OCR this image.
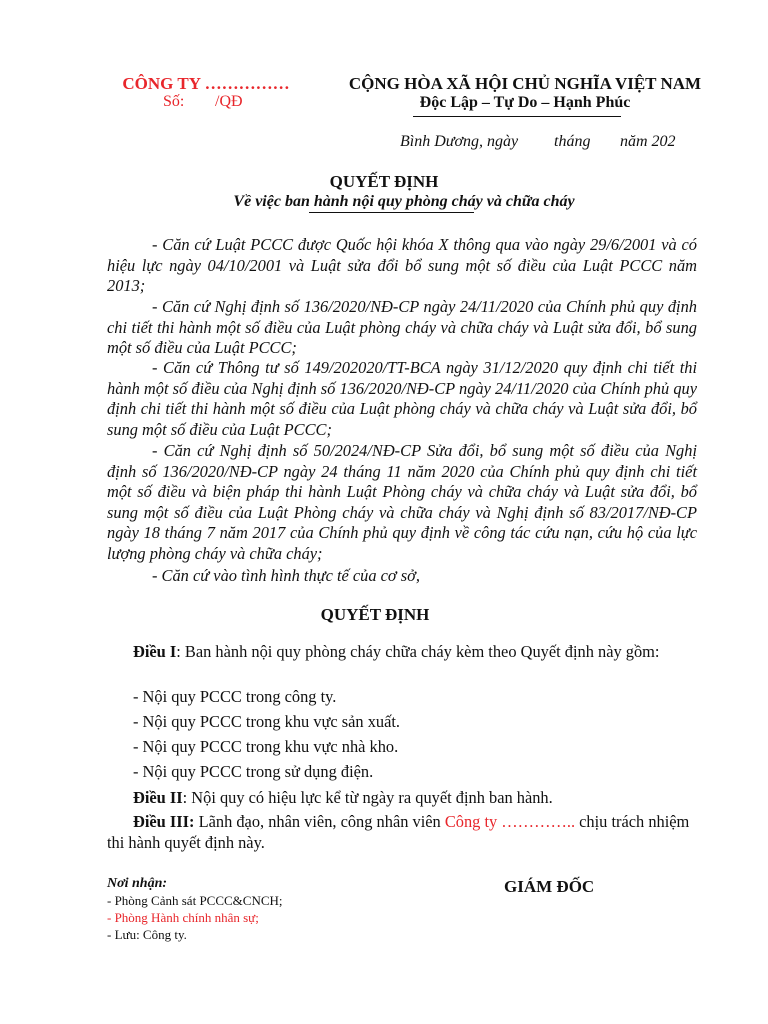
CÔNG TY ……………
Số: /QĐ
CỘNG HÒA XÃ HỘI CHỦ NGHĨA VIỆT NAM
Độc Lập – Tự Do – Hạnh Phúc
Bình Dương, ngày tháng năm 202
QUYẾT ĐỊNH
Về việc ban hành nội quy phòng cháy và chữa cháy
- Căn cứ Luật PCCC được Quốc hội khóa X thông qua vào ngày 29/6/2001 và có hiệu lực ngày 04/10/2001 và Luật sửa đổi bổ sung một số điều của Luật PCCC năm 2013;
- Căn cứ Nghị định số 136/2020/NĐ-CP ngày 24/11/2020 của Chính phủ quy định chi tiết thi hành một số điều của Luật phòng cháy và chữa cháy và Luật sửa đổi, bổ sung một số điều của Luật PCCC;
- Căn cứ Thông tư số 149/202020/TT-BCA ngày 31/12/2020 quy định chi tiết thi hành một số điều của Nghị định số 136/2020/NĐ-CP ngày 24/11/2020 của Chính phủ quy định chi tiết thi hành một số điều của Luật phòng cháy và chữa cháy và Luật sửa đổi, bổ sung một số điều của Luật PCCC;
- Căn cứ Nghị định số 50/2024/NĐ-CP Sửa đổi, bổ sung một số điều của Nghị định số 136/2020/NĐ-CP ngày 24 tháng 11 năm 2020 của Chính phủ quy định chi tiết một số điều và biện pháp thi hành Luật Phòng cháy và chữa cháy và Luật sửa đổi, bổ sung một số điều của Luật Phòng cháy và chữa cháy và Nghị định số 83/2017/NĐ-CP ngày 18 tháng 7 năm 2017 của Chính phủ quy định về công tác cứu nạn, cứu hộ của lực lượng phòng cháy và chữa cháy;
- Căn cứ vào tình hình thực tế của cơ sở,
QUYẾT ĐỊNH
Điều I: Ban hành nội quy phòng cháy chữa cháy kèm theo Quyết định này gồm:
- Nội quy PCCC trong công ty.
- Nội quy PCCC trong khu vực sản xuất.
- Nội quy PCCC trong khu vực nhà kho.
- Nội quy PCCC trong sử dụng điện.
Điều II: Nội quy có hiệu lực kể từ ngày ra quyết định ban hành.
Điều III: Lãnh đạo, nhân viên, công nhân viên Công ty ………….. chịu trách nhiệm thi hành quyết định này.
Nơi nhận:
- Phòng Cảnh sát PCCC&CNCH;
- Phòng Hành chính nhân sự;
- Lưu: Công ty.
GIÁM ĐỐC
